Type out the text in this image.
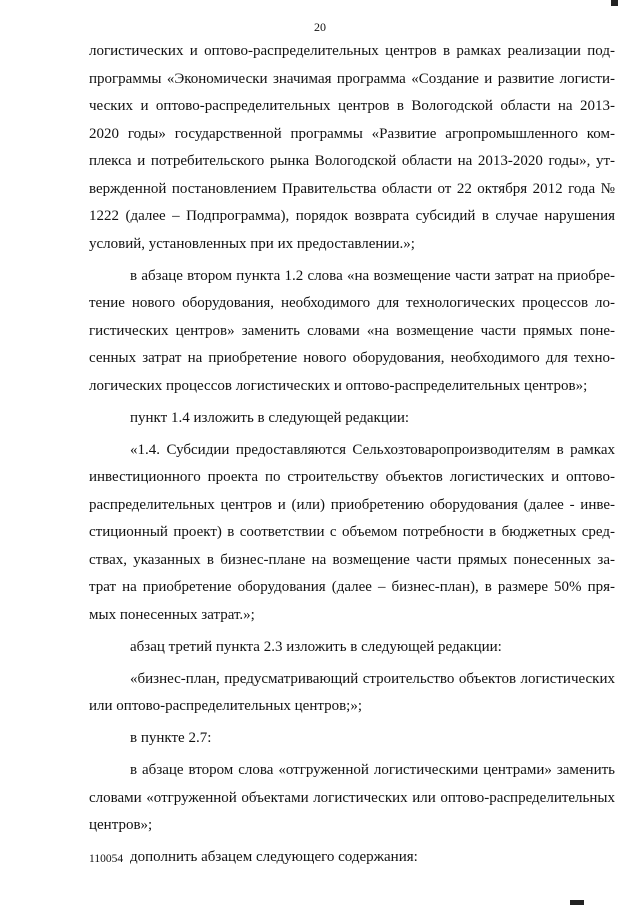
20

логистических и оптово-распределительных центров в рамках реализации под-программы «Экономически значимая программа «Создание и развитие логисти-ческих и оптово-распределительных центров в Вологодской области на 2013-2020 годы» государственной программы «Развитие агропромышленного ком-плекса и потребительского рынка Вологодской области на 2013-2020 годы», ут-вержденной постановлением Правительства области от 22 октября 2012 года № 1222 (далее – Подпрограмма), порядок возврата субсидий в случае нарушения условий, установленных при их предоставлении.»;

в абзаце втором пункта 1.2 слова «на возмещение части затрат на приобре-тение нового оборудования, необходимого для технологических процессов ло-гистических центров» заменить словами «на возмещение части прямых поне-сенных затрат на приобретение нового оборудования, необходимого для техно-логических процессов логистических и оптово-распределительных центров»;

пункт 1.4 изложить в следующей редакции:

«1.4. Субсидии предоставляются Сельхозтоваропроизводителям в рамках инвестиционного проекта по строительству объектов логистических и оптово-распределительных центров и (или) приобретению оборудования (далее - инве-стиционный проект) в соответствии с объемом потребности в бюджетных сред-ствах, указанных в бизнес-плане на возмещение части прямых понесенных за-трат на приобретение оборудования (далее – бизнес-план), в размере 50% пря-мых понесенных затрат.»;

абзац третий пункта 2.3 изложить в следующей редакции:

«бизнес-план, предусматривающий строительство объектов логистических или оптово-распределительных центров;»;

в пункте 2.7:

в абзаце втором слова «отгруженной логистическими центрами» заменить словами «отгруженной объектами логистических или оптово-распределительных центров»;

дополнить абзацем следующего содержания:

110054
